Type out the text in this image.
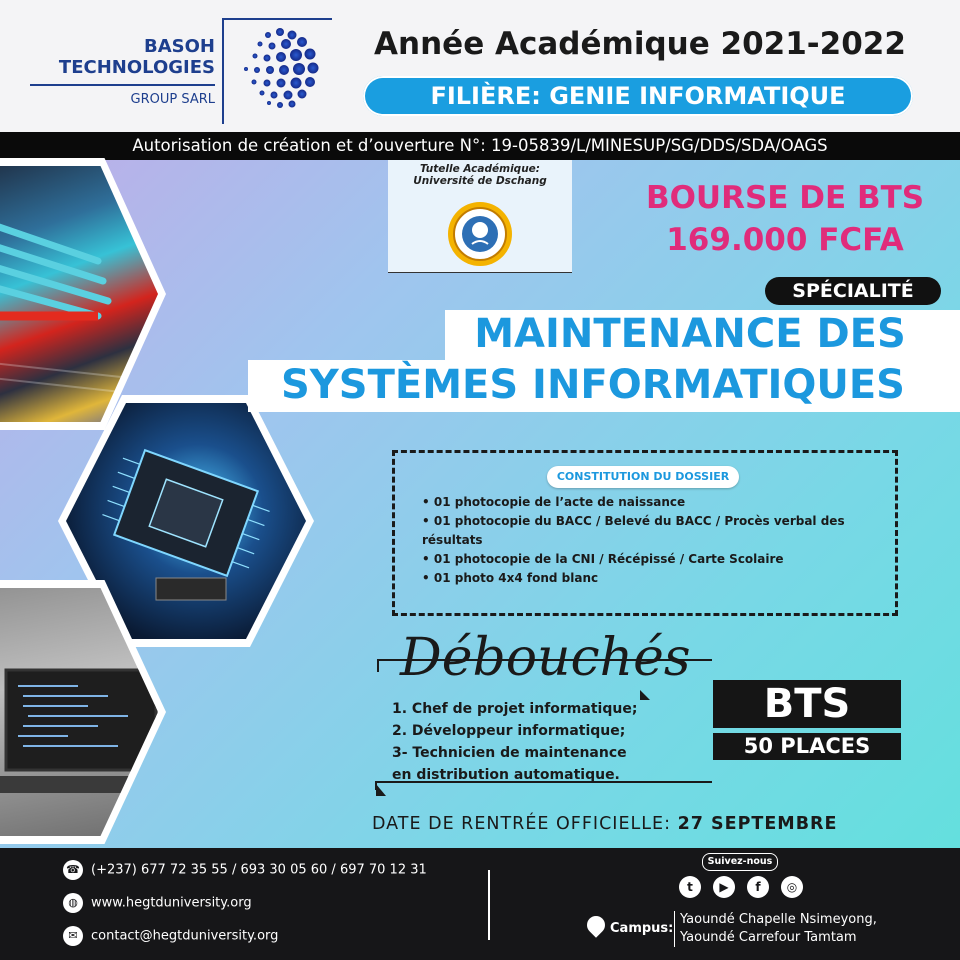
BASOH
TECHNOLOGIES
GROUP SARL
Année Académique 2021-2022
FILIÈRE: GENIE INFORMATIQUE
Autorisation de création et d’ouverture N°: 19-05839/L/MINESUP/SG/DDS/SDA/OAGS
Tutelle Académique:
Université de Dschang	BOURSE DE BTS
169.000 FCFA
SPÉCIALITÉ
MAINTENANCE DES
SYSTÈMES INFORMATIQUES
CONSTITUTION DU DOSSIER
• 01 photocopie de l’acte de naissance
• 01 photocopie du BACC / Belevé du BACC / Procès verbal des résultats
• 01 photocopie de la CNI / Récépissé / Carte Scolaire
• 01 photo 4x4 fond blanc
Débouchés
1. Chef de projet informatique;
2. Développeur informatique;
3- Technicien de maintenance
en distribution automatique.
BTS
50 PLACES
DATE DE RENTRÉE OFFICIELLE: 27 SEPTEMBRE
☎ (+237) 677 72 35 55 / 693 30 05 60 / 697 70 12 31
◍ www.hegtduniversity.org
✉ contact@hegtduniversity.org
Suivez-nous
t	▶	f	◎
Campus:
Yaoundé Chapelle Nsimeyong,
Yaoundé Carrefour Tamtam
